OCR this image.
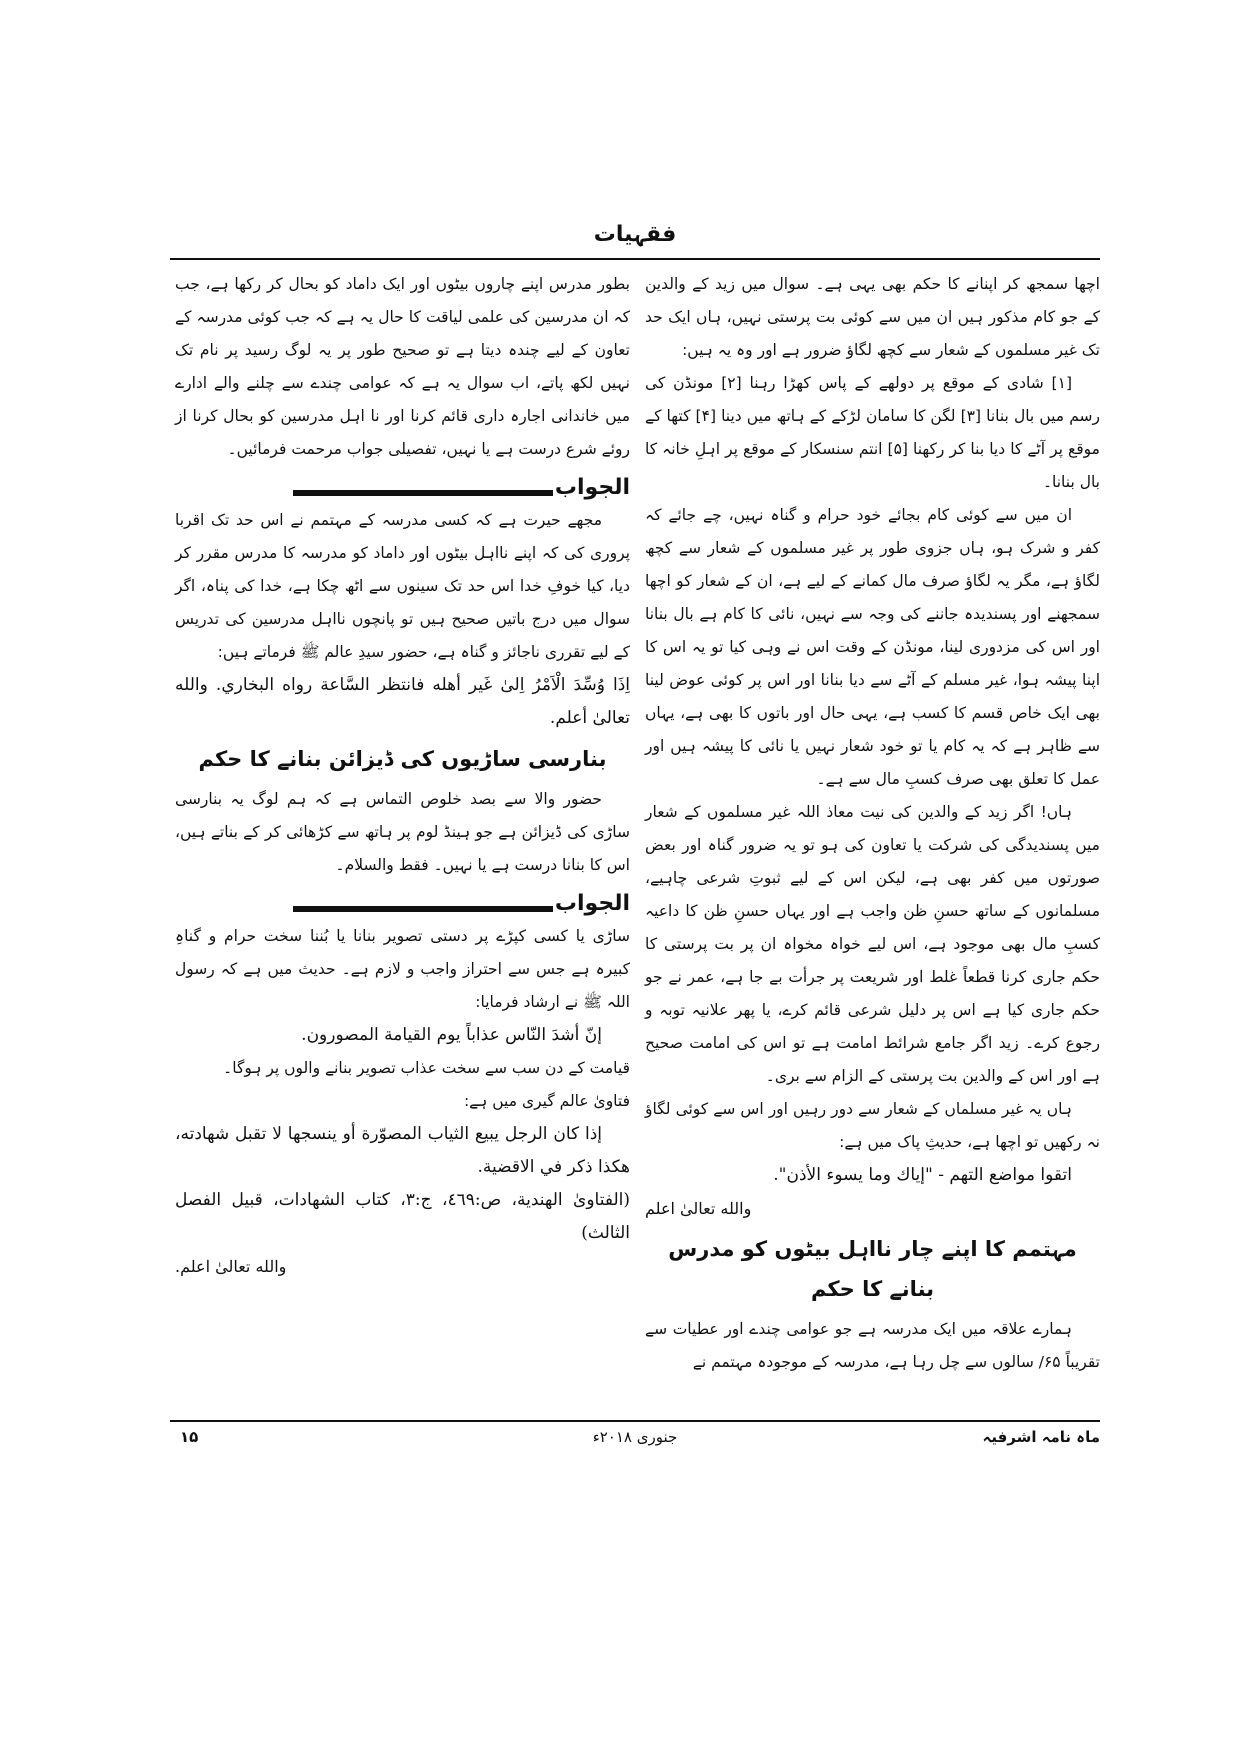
فقہیات

اچھا سمجھ کر اپنانے کا حکم بھی یہی ہے۔ سوال میں زید کے والدین کے جو کام مذکور ہیں ان میں سے کوئی بت پرستی نہیں، ہاں ایک حد تک غیر مسلموں کے شعار سے کچھ لگاؤ ضرور ہے اور وہ یہ ہیں:

[۱] شادی کے موقع پر دولھے کے پاس کھڑا رہنا [۲] مونڈن کی رسم میں بال بنانا [۳] لگن کا سامان لڑکے کے ہاتھ میں دینا [۴] کتھا کے موقع پر آٹے کا دیا بنا کر رکھنا [۵] انتم سنسکار کے موقع پر اہلِ خانہ کا بال بنانا۔

ان میں سے کوئی کام بجائے خود حرام و گناہ نہیں، چے جائے کہ کفر و شرک ہو، ہاں جزوی طور پر غیر مسلموں کے شعار سے کچھ لگاؤ ہے، مگر یہ لگاؤ صرف مال کمانے کے لیے ہے، ان کے شعار کو اچھا سمجھنے اور پسندیدہ جاننے کی وجہ سے نہیں، نائی کا کام ہے بال بنانا اور اس کی مزدوری لینا، مونڈن کے وقت اس نے وہی کیا تو یہ اس کا اپنا پیشہ ہوا، غیر مسلم کے آٹے سے دیا بنانا اور اس پر کوئی عوض لینا بھی ایک خاص قسم کا کسب ہے، یہی حال اور باتوں کا بھی ہے، یہاں سے ظاہر ہے کہ یہ کام یا تو خود شعار نہیں یا نائی کا پیشہ ہیں اور عمل کا تعلق بھی صرف کسبِ مال سے ہے۔

ہاں! اگر زید کے والدین کی نیت معاذ اللہ غیر مسلموں کے شعار میں پسندیدگی کی شرکت یا تعاون کی ہو تو یہ ضرور گناہ اور بعض صورتوں میں کفر بھی ہے، لیکن اس کے لیے ثبوتِ شرعی چاہیے، مسلمانوں کے ساتھ حسنِ ظن واجب ہے اور یہاں حسنِ ظن کا داعیہ کسبِ مال بھی موجود ہے، اس لیے خواہ مخواہ ان پر بت پرستی کا حکم جاری کرنا قطعاً غلط اور شریعت پر جرأت بے جا ہے، عمر نے جو حکم جاری کیا ہے اس پر دلیل شرعی قائم کرے، یا پھر علانیہ توبہ و رجوع کرے۔ زید اگر جامع شرائط امامت ہے تو اس کی امامت صحیح ہے اور اس کے والدین بت پرستی کے الزام سے بری۔

ہاں یہ غیر مسلماں کے شعار سے دور رہیں اور اس سے کوئی لگاؤ نہ رکھیں تو اچھا ہے، حدیثِ پاک میں ہے:

اتقوا مواضع التهم - "إياك وما يسوء الأذن".

والله تعالىٰ اعلم

مہتمم کا اپنے چار نااہل بیٹوں کو مدرس بنانے کا حکم

ہمارے علاقہ میں ایک مدرسہ ہے جو عوامی چندے اور عطیات سے تقریباً ۶۵/ سالوں سے چل رہا ہے، مدرسہ کے موجودہ مہتمم نے

بطور مدرس اپنے چاروں بیٹوں اور ایک داماد کو بحال کر رکھا ہے، جب کہ ان مدرسین کی علمی لیاقت کا حال یہ ہے کہ جب کوئی مدرسہ کے تعاون کے لیے چندہ دیتا ہے تو صحیح طور پر یہ لوگ رسید پر نام تک نہیں لکھ پاتے، اب سوال یہ ہے کہ عوامی چندے سے چلنے والے ادارے میں خاندانی اجارہ داری قائم کرنا اور نا اہل مدرسین کو بحال کرنا از روئے شرع درست ہے یا نہیں، تفصیلی جواب مرحمت فرمائیں۔

الجواب

مجھے حیرت ہے کہ کسی مدرسہ کے مہتمم نے اس حد تک اقربا پروری کی کہ اپنے نااہل بیٹوں اور داماد کو مدرسہ کا مدرس مقرر کر دیا، کیا خوفِ خدا اس حد تک سینوں سے اٹھ چکا ہے، خدا کی پناہ، اگر سوال میں درج باتیں صحیح ہیں تو پانچوں نااہل مدرسین کی تدریس کے لیے تقرری ناجائز و گناہ ہے، حضور سیدِ عالم ﷺ فرماتے ہیں:

اِذَا وُسِّدَ الْاَمْرُ اِلیٰ غَیر أهله فانتظر السَّاعة رواه البخاري. والله تعالىٰ أعلم.

بنارسی ساڑیوں کی ڈیزائن بنانے کا حکم

حضور والا سے بصد خلوص التماس ہے کہ ہم لوگ یہ بنارسی ساڑی کی ڈیزائن ہے جو ہینڈ لوم پر ہاتھ سے کڑھائی کر کے بناتے ہیں، اس کا بنانا درست ہے یا نہیں۔ فقط والسلام۔

الجواب

ساڑی یا کسی کپڑے پر دستی تصویر بنانا یا بُننا سخت حرام و گناہِ کبیرہ ہے جس سے احتراز واجب و لازم ہے۔ حدیث میں ہے کہ رسول اللہ ﷺ نے ارشاد فرمایا:

إنّ أشدَ النّاس عذاباً يوم القيامة المصورون.

قیامت کے دن سب سے سخت عذاب تصویر بنانے والوں پر ہوگا۔

فتاویٰ عالم گیری میں ہے:

إذا كان الرجل يبيع الثياب المصوّرة أو ينسجها لا تقبل شهادته، هكذا ذكر في الاقضية.

(الفتاویٰ الهندية، ص:٤٦٩، ج:٣، كتاب الشهادات، قبيل الفصل الثالث)

والله تعالىٰ اعلم.

ماہ نامہ اشرفیہ
جنوری ۲۰۱۸ء
۱۵
